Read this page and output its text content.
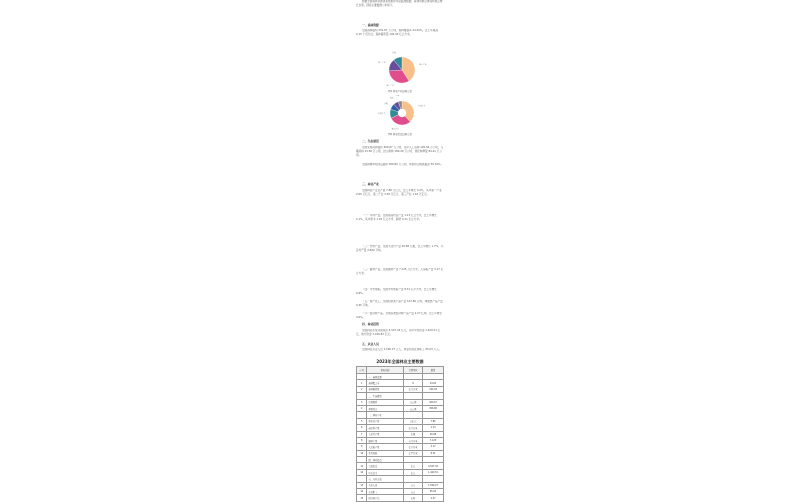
根据全国森林资源清查结果和年度监测数据，森林资源总体保持稳定增长态势，现将主要数据公布如下。

一、森林资源

全国森林面积 231.67 万公顷，森林覆盖率 24.02%，比上年提高 0.15 个百分点；森林蓄积量 194.93 亿立方米。

第一产业
第二产业
第三产业
其他

图1 林业产业结构示意

中央资金
地方资金
社会资金
其他
贷款
自筹

图2 林业投资结构示意

二、生态建设

全国完成造林面积 400.67 万公顷，其中人工造林 120.56 万公顷，飞播造林 15.50 万公顷，封山育林 180.20 万公顷，退化林修复 84.41 万公顷。

全国新增草原改良面积 306.80 万公顷，草原综合植被盖度 50.32%。

三、林业产业

全国林业产业总产值 7.86 万亿元，比上年增长 3.2%，其中第一产业 2.65 万亿元、第二产业 3.58 万亿元、第三产业 1.63 万亿元。

（一）木材产量。全国商品材总产量 1.13 亿立方米，比上年增长 2.1%，其中原木 1.02 亿立方米、薪材 0.11 亿立方米。

（二）竹材产量。全国大径竹产量 40.66 亿根，比上年增长 1.7%；小杂竹产量 2,800 万吨。

（三）锯材产量。全国锯材产量 7,125 万立方米，人造板产量 3.17 亿立方米。

（四）木竹地板。全国木竹地板产量 8.31 亿平方米，比上年增长 0.8%。

（五）林产化工。全国松香类产品产量 107.80 万吨，栲胶类产品产量 0.35 万吨。

（六）经济林产品。全国各类经济林产品产量 2.27 亿吨，比上年增长 4.6%。

四、林业投资

全国林业系统完成投资 4,527.34 亿元，其中中央资金 1,420.51 亿元，地方资金 3,106.83 亿元。

五、从业人员

全国林业从业人员 1,590.27 万人，林业系统在岗职工 95.03 万人。

2023年全国林业主要数据
序号	指标名称	计量单位	数量
	一、森林资源		
1	森林覆盖率	%	24.02
2	森林蓄积量	亿立方米	194.93
	二、生态建设		
3	造林面积	万公顷	400.67
4	草原改良	万公顷	306.80
	三、林业产业		
5	林业总产值	万亿元	7.86
6	商品材产量	亿立方米	1.13
7	大径竹产量	亿根	40.66
8	锯材产量	万立方米	7,125
9	人造板产量	亿立方米	3.17
10	木竹地板	亿平方米	8.31
	四、林业投资		
11	完成投资	亿元	4,527.34
12	中央资金	亿元	1,420.51
	五、从业人员		
13	从业人员	万人	1,590.27
14	在岗职工	万人	95.03
15	经济林产品	亿吨	2.27
